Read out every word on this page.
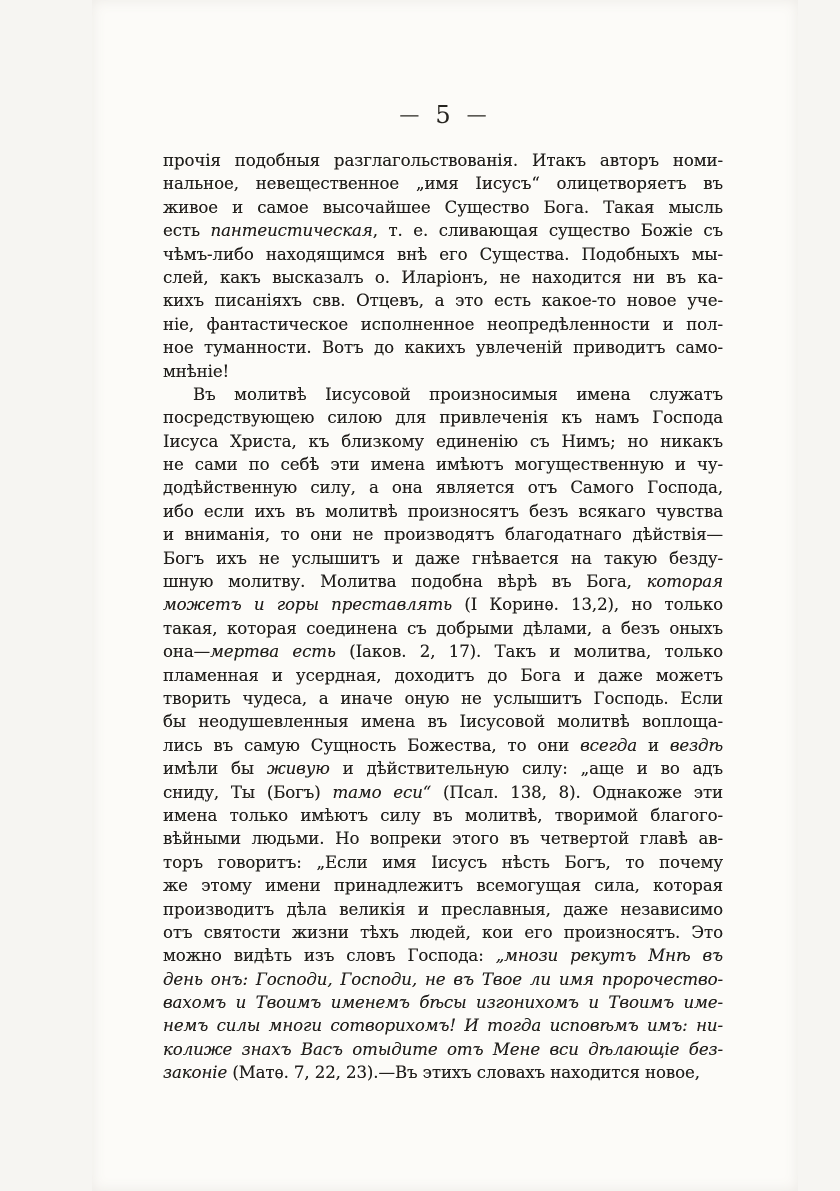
— 5 —
прочія подобныя разглагольствованія. Итакъ авторъ номи-
нальное, невещественное „имя Іисусъ“ олицетворяетъ въ
живое и самое высочайшее Существо Бога. Такая мысль
есть пантеистическая, т. е. сливающая существо Божіе съ
чѣмъ-либо находящимся внѣ его Существа. Подобныхъ мы-
слей, какъ высказалъ о. Иларіонъ, не находится ни въ ка-
кихъ писаніяхъ свв. Отцевъ, а это есть какое-то новое уче-
ніе, фантастическое исполненное неопредѣленности и пол-
ное туманности. Вотъ до какихъ увлеченій приводитъ само-
мнѣніе!
Въ молитвѣ Іисусовой произносимыя имена служатъ
посредствующею силою для привлеченія къ намъ Господа
Іисуса Христа, къ близкому единенію съ Нимъ; но никакъ
не сами по себѣ эти имена имѣютъ могущественную и чу-
додѣйственную силу, а она является отъ Самого Господа,
ибо если ихъ въ молитвѣ произносятъ безъ всякаго чувства
и вниманія, то они не производятъ благодатнаго дѣйствія—
Богъ ихъ не услышитъ и даже гнѣвается на такую безду-
шную молитву. Молитва подобна вѣрѣ въ Бога, которая
можетъ и горы преставлять (І Коринѳ. 13,2), но только
такая, которая соединена съ добрыми дѣлами, а безъ оныхъ
она—мертва есть (Іаков. 2, 17). Такъ и молитва, только
пламенная и усердная, доходитъ до Бога и даже можетъ
творить чудеса, а иначе оную не услышитъ Господь. Если
бы неодушевленныя имена въ Іисусовой молитвѣ воплоща-
лись въ самую Сущность Божества, то они всегда и вездѣ
имѣли бы живую и дѣйствительную силу: „аще и во адъ
сниду, Ты (Богъ) тамо еси“ (Псал. 138, 8). Однакоже эти
имена только имѣютъ силу въ молитвѣ, творимой благого-
вѣйными людьми. Но вопреки этого въ четвертой главѣ ав-
торъ говоритъ: „Если имя Іисусъ нѣсть Богъ, то почему
же этому имени принадлежитъ всемогущая сила, которая
производитъ дѣла великія и преславныя, даже независимо
отъ святости жизни тѣхъ людей, кои его произносятъ. Это
можно видѣть изъ словъ Господа: „мнози рекутъ Мнѣ въ
день онъ: Господи, Господи, не въ Твое ли имя пророчество-
вахомъ и Твоимъ именемъ бѣсы изгонихомъ и Твоимъ име-
немъ силы многи сотворихомъ! И тогда исповѣмъ имъ: ни-
колиже знахъ Васъ отыдите отъ Мене вси дѣлающіе без-
законіе (Матѳ. 7, 22, 23).—Въ этихъ словахъ находится новое,
